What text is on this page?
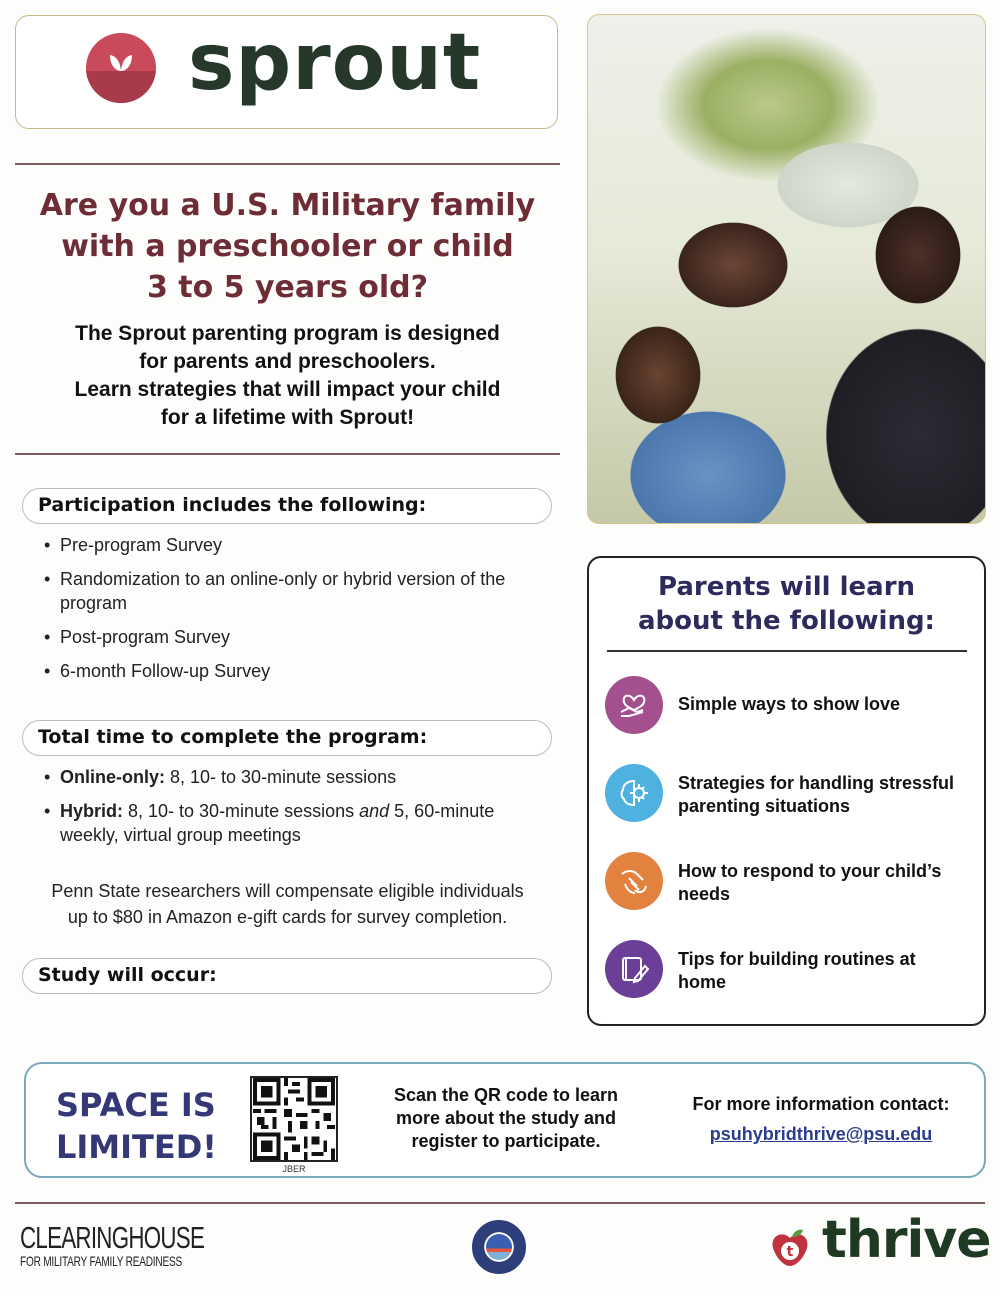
sprout
Are you a U.S. Military family
with a preschooler or child
3 to 5 years old?
The Sprout parenting program is designed
for parents and preschoolers.
Learn strategies that will impact your child
for a lifetime with Sprout!
Participation includes the following:
• Pre-program Survey
• Randomization to an online-only or hybrid version of the program
• Post-program Survey
• 6-month Follow-up Survey
Total time to complete the program:
• Online-only: 8, 10- to 30-minute sessions
• Hybrid: 8, 10- to 30-minute sessions and 5, 60-minute weekly, virtual group meetings
Penn State researchers will compensate eligible individuals
up to $80 in Amazon e-gift cards for survey completion.
Study will occur:
Parents will learn
about the following:
Simple ways to show love
Strategies for handling stressful parenting situations
How to respond to your child’s needs
Tips for building routines at home
SPACE IS
LIMITED!
JBER
Scan the QR code to learn
more about the study and
register to participate.
For more information contact:
psuhybridthrive@psu.edu
CLEARINGHOUSE
FOR MILITARY FAMILY READINESS
t thrive
